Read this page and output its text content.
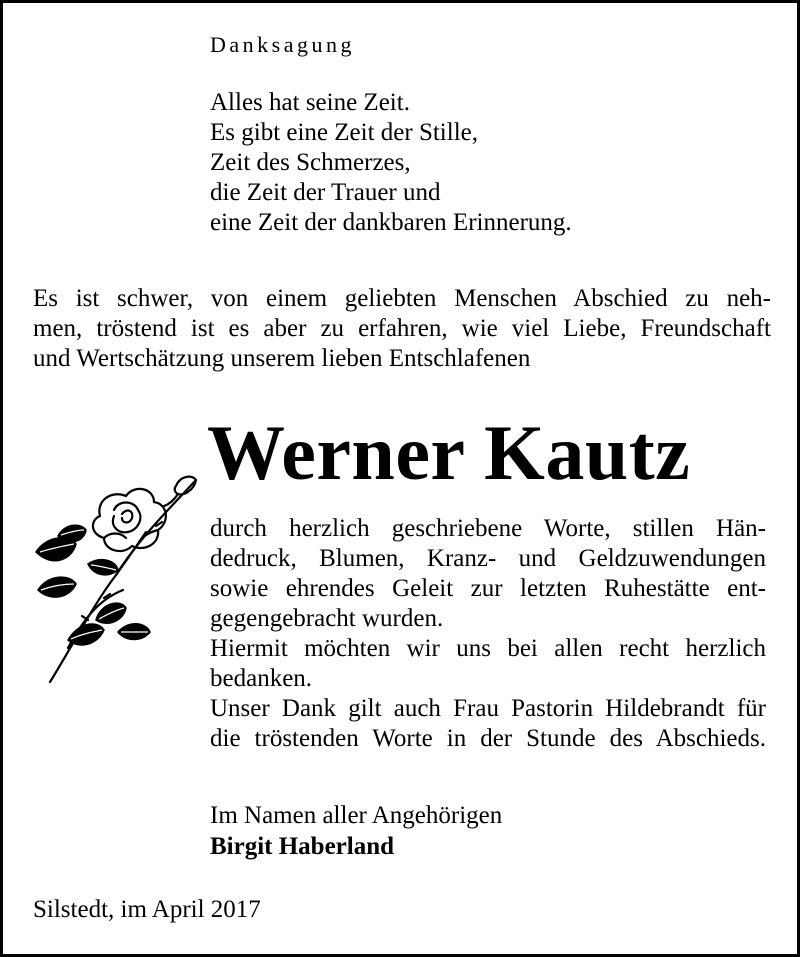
Danksagung
Alles hat seine Zeit.
Es gibt eine Zeit der Stille,
Zeit des Schmerzes,
die Zeit der Trauer und
eine Zeit der dankbaren Erinnerung.
Es ist schwer, von einem geliebten Menschen Abschied zu neh-
men, tröstend ist es aber zu erfahren, wie viel Liebe, Freundschaft
und Wertschätzung unserem lieben Entschlafenen
Werner Kautz
durch herzlich geschriebene Worte, stillen Hän-
dedruck, Blumen, Kranz- und Geldzuwendungen
sowie ehrendes Geleit zur letzten Ruhestätte ent-
gegengebracht wurden.
Hiermit möchten wir uns bei allen recht herzlich
bedanken.
Unser Dank gilt auch Frau Pastorin Hildebrandt für
die tröstenden Worte in der Stunde des Abschieds.
Im Namen aller Angehörigen
Birgit Haberland
Silstedt, im April 2017
